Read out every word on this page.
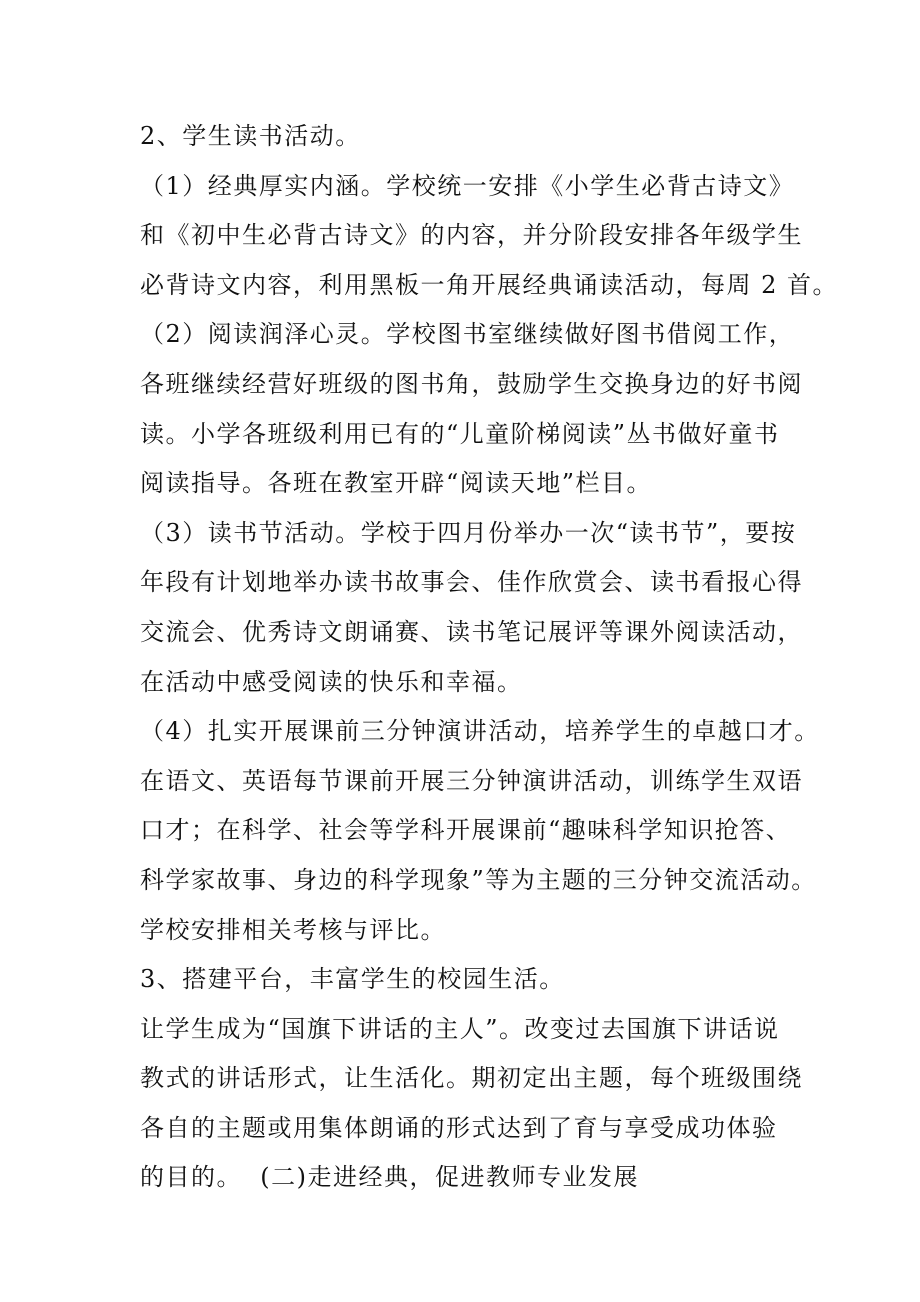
2、学生读书活动。
（1）经典厚实内涵。学校统一安排《小学生必背古诗文》
和《初中生必背古诗文》的内容，并分阶段安排各年级学生
必背诗文内容，利用黑板一角开展经典诵读活动，每周 2 首。
（2）阅读润泽心灵。学校图书室继续做好图书借阅工作，
各班继续经营好班级的图书角，鼓励学生交换身边的好书阅
读。小学各班级利用已有的“儿童阶梯阅读”丛书做好童书
阅读指导。各班在教室开辟“阅读天地”栏目。
（3）读书节活动。学校于四月份举办一次“读书节”，要按
年段有计划地举办读书故事会、佳作欣赏会、读书看报心得
交流会、优秀诗文朗诵赛、读书笔记展评等课外阅读活动，
在活动中感受阅读的快乐和幸福。
（4）扎实开展课前三分钟演讲活动，培养学生的卓越口才。
在语文、英语每节课前开展三分钟演讲活动，训练学生双语
口才；在科学、社会等学科开展课前“趣味科学知识抢答、
科学家故事、身边的科学现象”等为主题的三分钟交流活动。
学校安排相关考核与评比。
3、搭建平台，丰富学生的校园生活。
让学生成为“国旗下讲话的主人”。改变过去国旗下讲话说
教式的讲话形式，让生活化。期初定出主题，每个班级围绕
各自的主题或用集体朗诵的形式达到了育与享受成功体验
的目的。  (二)走进经典，促进教师专业发展
